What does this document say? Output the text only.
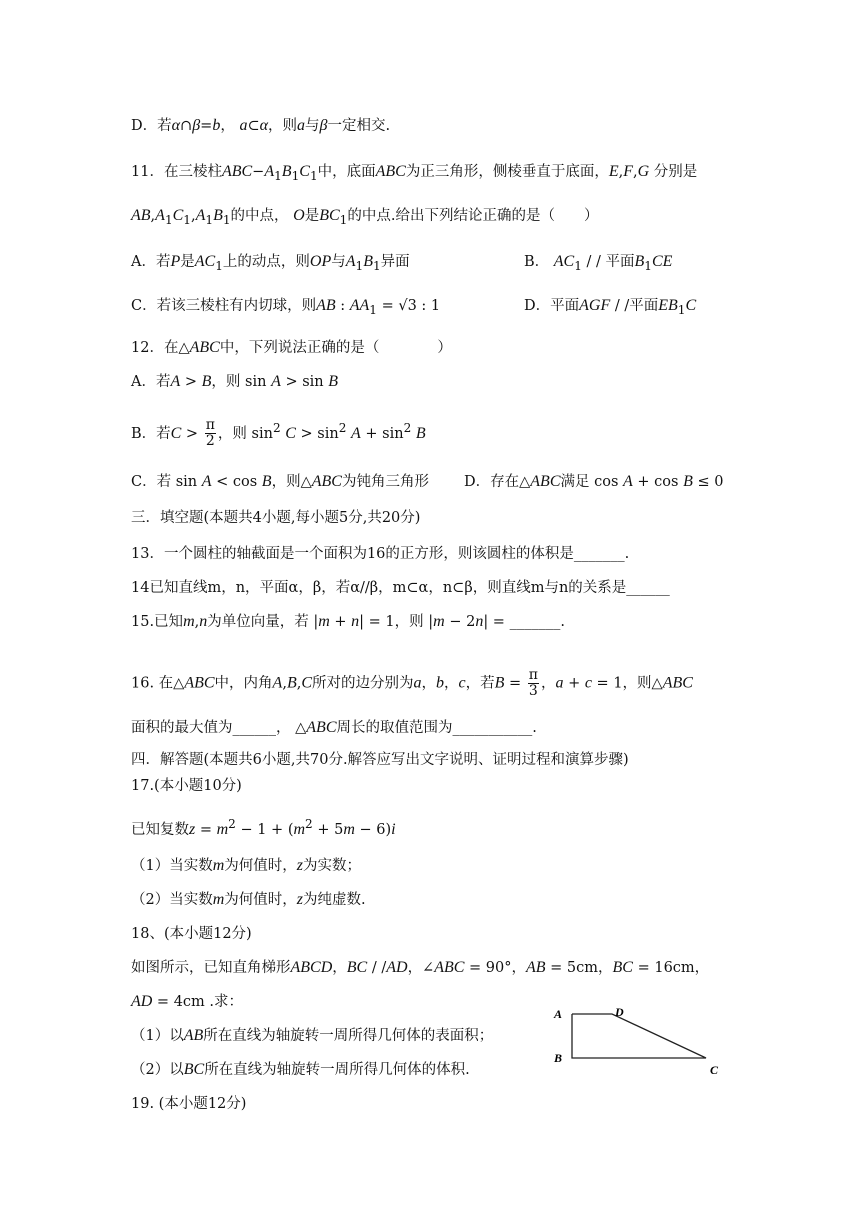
D．若α∩β=b， a⊂α，则a与β一定相交.
11．在三棱柱$ABC-A_1B_1C_1$中，底面ABC为正三角形，侧棱垂直于底面，E,F,G 分别是
$AB,A_1C_1,A_1B_1$的中点， O是$BC_1$的中点.给出下列结论正确的是（　　）
A．若P是$AC_1$上的动点，则OP与$A_1B_1$异面	B． $AC_1$ / / 平面$B_1CE$
C．若该三棱柱有内切球，则AB : $AA_1 = √3$ : 1	D．平面AGF / /平面$EB_1C$
12．在△ABC中，下列说法正确的是（　　　　）
A．若A > B，则 sin A > sin B
B．若$C > \frac{\pi}{2}$ ，则 $\sin^2 C > \sin^2 A + \sin^2 B$
C．若 sin A < cos B，则△ABC为钝角三角形 D．存在△ABC满足 cos A + cos B ≤ 0
三．填空题(本题共4小题,每小题5分,共20分)
13．一个圆柱的轴截面是一个面积为16的正方形，则该圆柱的体积是_______.
14已知直线m，n，平面α，β，若α//β，m⊂α，n⊂β，则直线m与n的关系是______
15.已知m,n为单位向量，若 |m + n| = 1，则 |m − 2n| = _______.
16. 在△ABC中，内角A,B,C所对的边分别为a，b，c，若$B = \frac{\pi}{3}$ ，a + c = 1，则△ABC
面积的最大值为______， △ABC周长的取值范围为___________.
四．解答题(本题共6小题,共70分.解答应写出文字说明、证明过程和演算步骤)
17.(本小题10分)
已知复数$z = m^2 - 1 + (m^2 + 5m - 6)i$
（1）当实数m为何值时，z为实数；
（2）当实数m为何值时，z为纯虚数.
18、(本小题12分)
如图所示，已知直角梯形ABCD，BC / /AD，∠ABC = 90°，AB = 5cm，BC = 16cm，
AD = 4cm .求：
（1）以AB所在直线为轴旋转一周所得几何体的表面积；
（2）以BC所在直线为轴旋转一周所得几何体的体积.
19. (本小题12分)
A	D
B
C
